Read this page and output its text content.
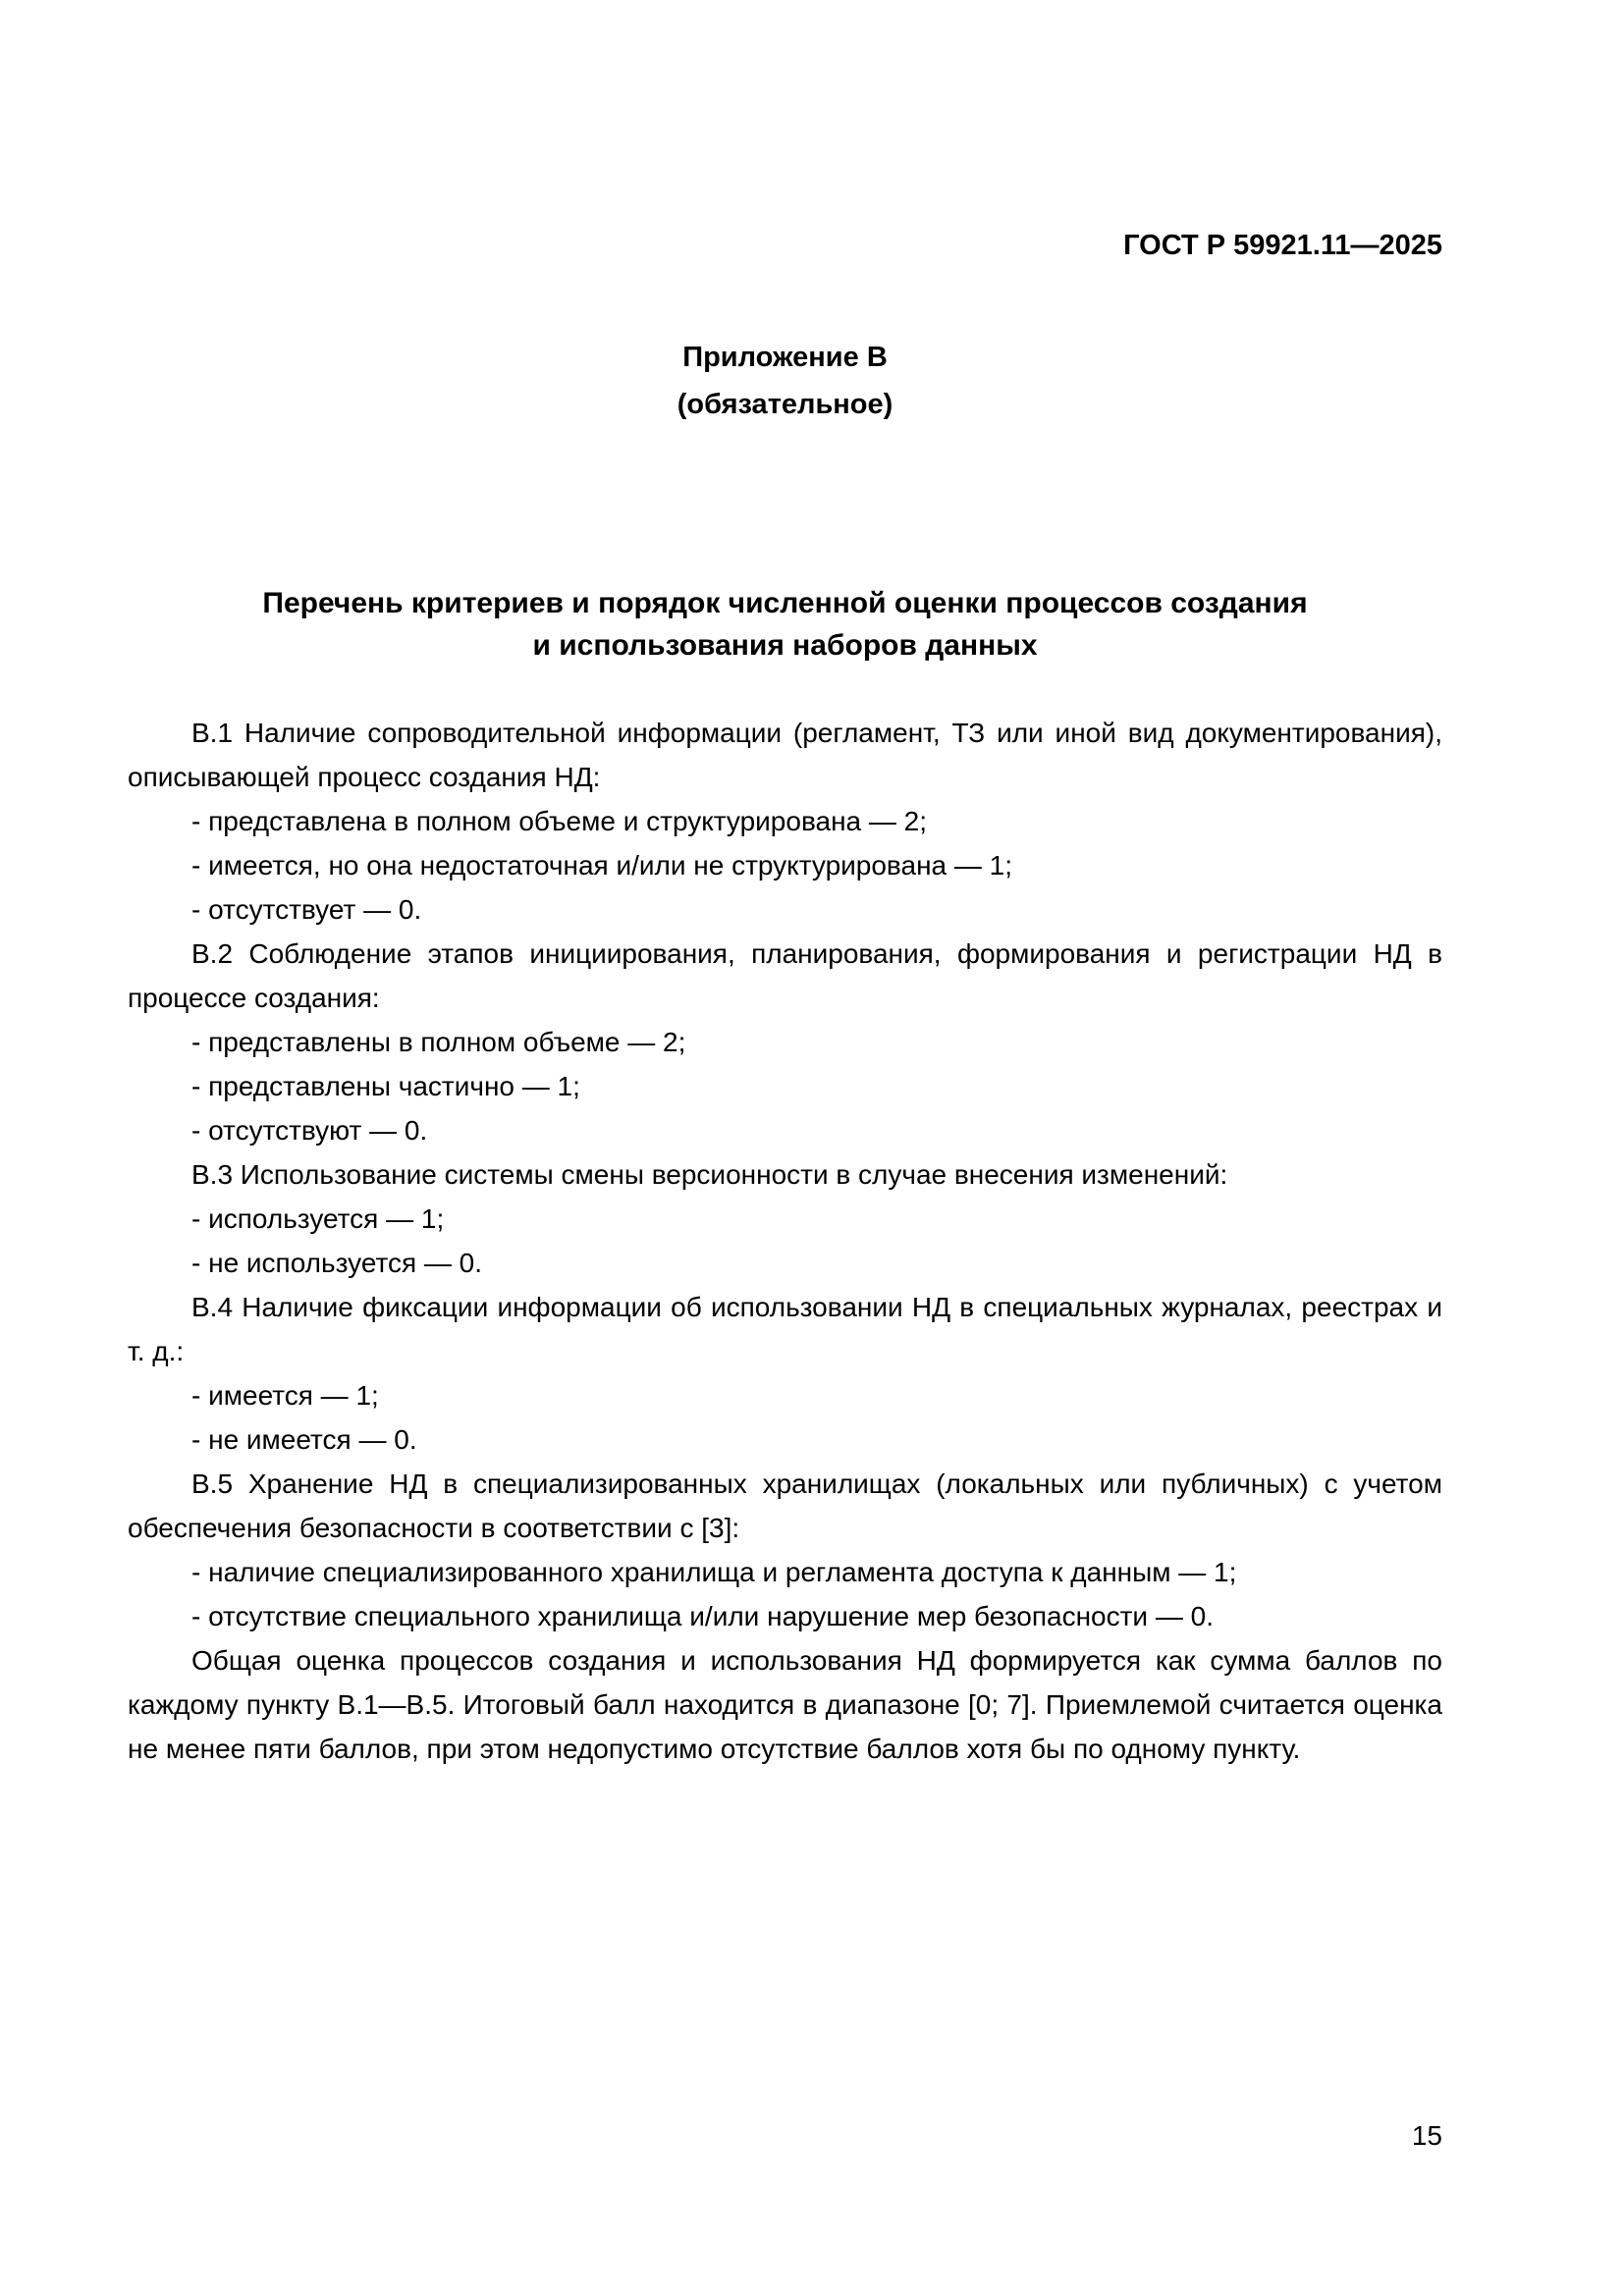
ГОСТ Р 59921.11—2025
Приложение В
(обязательное)
Перечень критериев и порядок численной оценки процессов создания
и использования наборов данных
В.1 Наличие сопроводительной информации (регламент, ТЗ или иной вид документирования), описывающей процесс создания НД:
- представлена в полном объеме и структурирована — 2;
- имеется, но она недостаточная и/или не структурирована — 1;
- отсутствует — 0.
В.2 Соблюдение этапов инициирования, планирования, формирования и регистрации НД в процессе создания:
- представлены в полном объеме — 2;
- представлены частично — 1;
- отсутствуют — 0.
В.3 Использование системы смены версионности в случае внесения изменений:
- используется — 1;
- не используется — 0.
В.4 Наличие фиксации информации об использовании НД в специальных журналах, реестрах и т. д.:
- имеется — 1;
- не имеется — 0.
В.5 Хранение НД в специализированных хранилищах (локальных или публичных) с учетом обеспечения безопасности в соответствии с [3]:
- наличие специализированного хранилища и регламента доступа к данным — 1;
- отсутствие специального хранилища и/или нарушение мер безопасности — 0.
Общая оценка процессов создания и использования НД формируется как сумма баллов по каждому пункту В.1—В.5. Итоговый балл находится в диапазоне [0; 7]. Приемлемой считается оценка не менее пяти баллов, при этом недопустимо отсутствие баллов хотя бы по одному пункту.
15
